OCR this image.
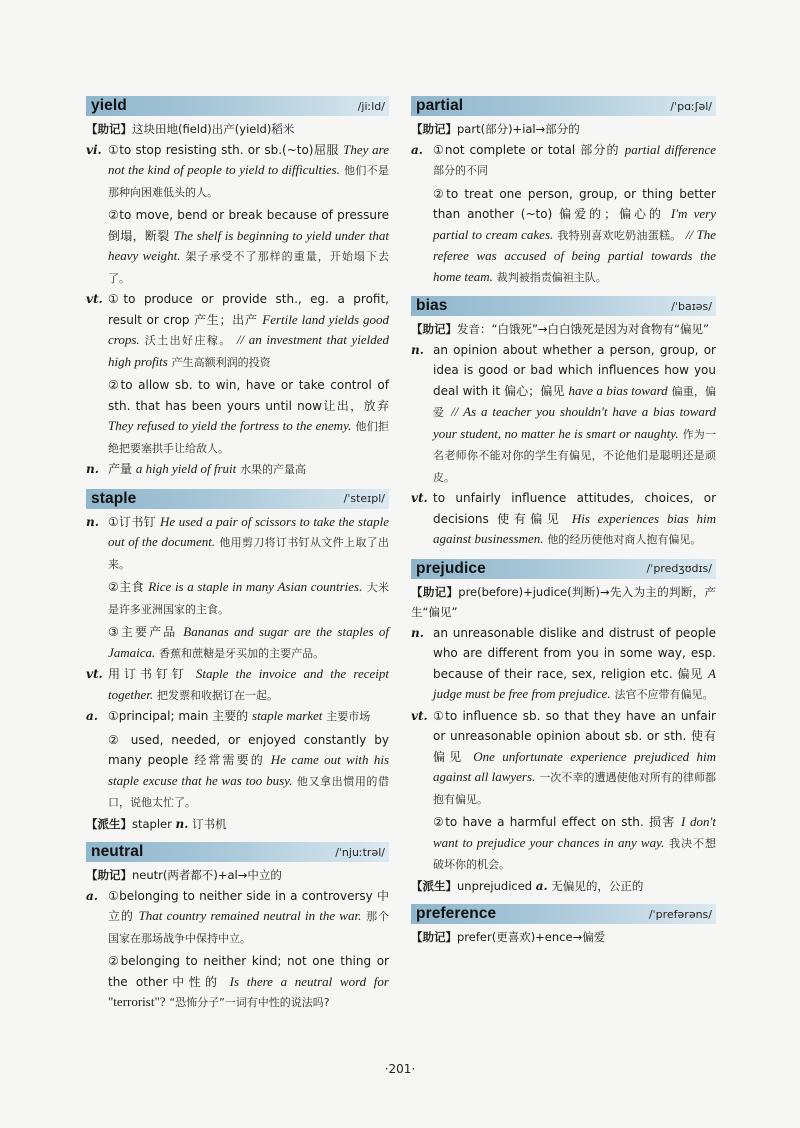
yield	/jiːld/

【助记】这块田地(field)出产(yield)稻米

vi. ①to stop resisting sth. or sb.(~to)屈服 They are not the kind of people to yield to difficulties. 他们不是那种向困难低头的人。

②to move, bend or break because of pressure 倒塌，断裂 The shelf is beginning to yield under that heavy weight. 架子承受不了那样的重量，开始塌下去了。

vt. ①to produce or provide sth., eg. a profit, result or crop 产生；出产 Fertile land yields good crops. 沃土出好庄稼。 // an investment that yielded high profits 产生高额利润的投资

②to allow sb. to win, have or take control of sth. that has been yours until now让出，放弃 They refused to yield the fortress to the enemy. 他们拒绝把要塞拱手让给敌人。

n. 产量 a high yield of fruit 水果的产量高

staple	/ˈsteɪpl/
n. ①订书钉 He used a pair of scissors to take the staple out of the document. 他用剪刀将订书钉从文件上取了出来。

②主食 Rice is a staple in many Asian countries. 大米是许多亚洲国家的主食。

③主要产品 Bananas and sugar are the staples of Jamaica. 香蕉和蔗糖是牙买加的主要产品。

vt. 用订书钉钉 Staple the invoice and the receipt together. 把发票和收据订在一起。

a. ①principal; main 主要的 staple market 主要市场

② used, needed, or enjoyed constantly by many people 经常需要的 He came out with his staple excuse that he was too busy. 他又拿出惯用的借口，说他太忙了。

【派生】stapler n. 订书机

neutral	/ˈnjuːtrəl/

【助记】neutr(两者都不)+al→中立的

a. ①belonging to neither side in a controversy 中立的 That country remained neutral in the war. 那个国家在那场战争中保持中立。

②belonging to neither kind; not one thing or the other中性的 Is there a neutral word for "terrorist"? “恐怖分子”一词有中性的说法吗?

partial	/ˈpɑːʃəl/

【助记】part(部分)+ial→部分的

a. ①not complete or total 部分的 partial difference 部分的不同

②to treat one person, group, or thing better than another (~to) 偏爱的；偏心的 I'm very partial to cream cakes. 我特别喜欢吃奶油蛋糕。 // The referee was accused of being partial towards the home team. 裁判被指责偏袒主队。

bias	/ˈbaɪəs/

【助记】发音：“白饿死”→白白饿死是因为对食物有“偏见”

n. an opinion about whether a person, group, or idea is good or bad which influences how you deal with it 偏心；偏见 have a bias toward 偏重，偏爱 // As a teacher you shouldn't have a bias toward your student, no matter he is smart or naughty. 作为一名老师你不能对你的学生有偏见，不论他们是聪明还是顽皮。

vt. to unfairly influence attitudes, choices, or decisions 使有偏见 His experiences bias him against businessmen. 他的经历使他对商人抱有偏见。

prejudice	/ˈpredʒʊdɪs/

【助记】pre(before)+judice(判断)→先入为主的判断，产生“偏见”

n. an unreasonable dislike and distrust of people who are different from you in some way, esp. because of their race, sex, religion etc. 偏见 A judge must be free from prejudice. 法官不应带有偏见。

vt. ①to influence sb. so that they have an unfair or unreasonable opinion about sb. or sth. 使有偏见 One unfortunate experience prejudiced him against all lawyers. 一次不幸的遭遇使他对所有的律师都抱有偏见。

②to have a harmful effect on sth. 损害 I don't want to prejudice your chances in any way. 我决不想破坏你的机会。

【派生】unprejudiced a. 无偏见的，公正的

preference	/ˈprefərəns/

【助记】prefer(更喜欢)+ence→偏爱

·201·
